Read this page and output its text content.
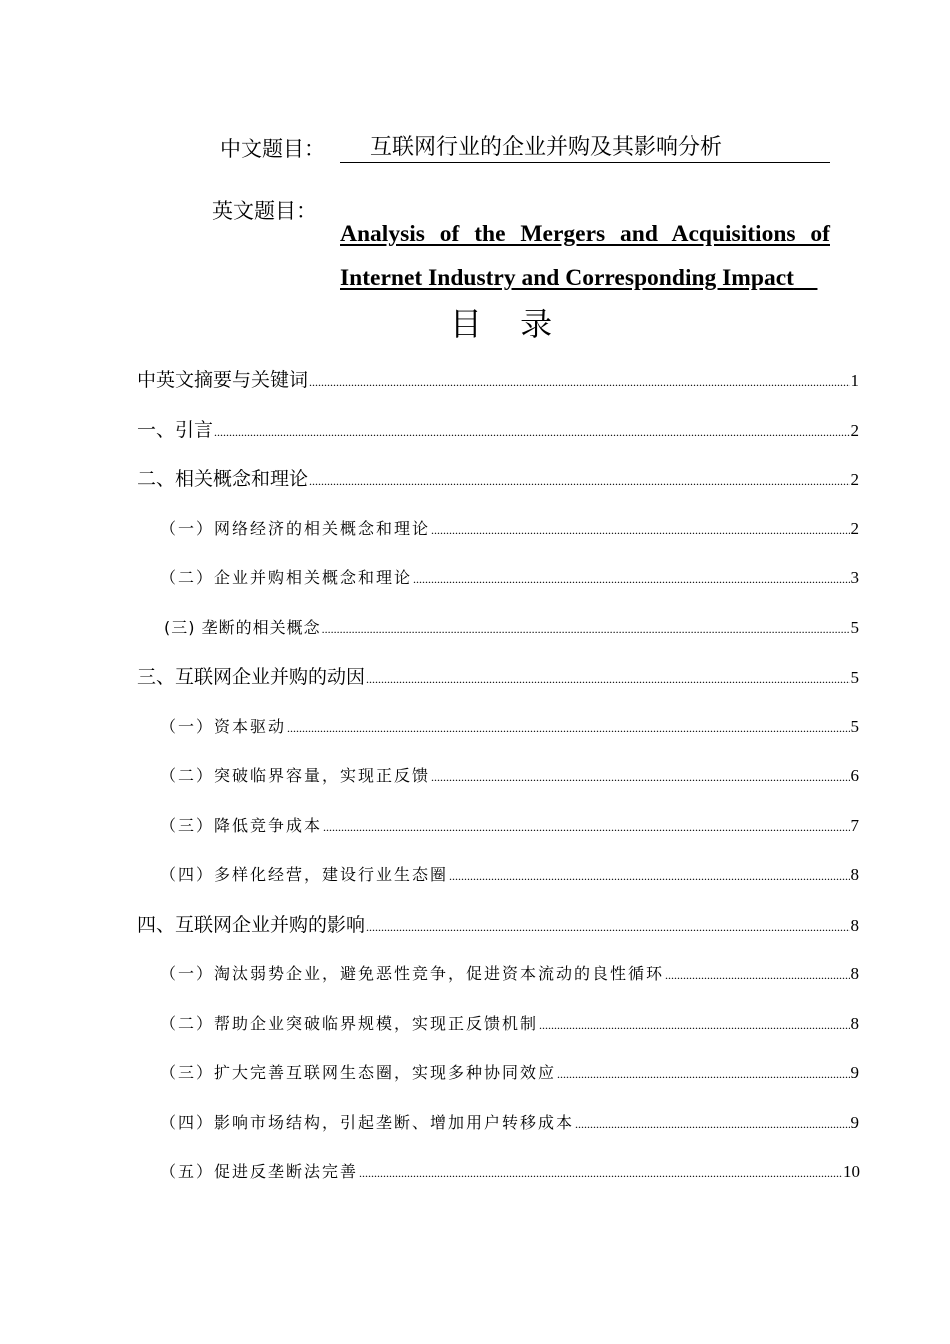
中文题目：	互联网行业的企业并购及其影响分析
英文题目：
Analysis of the Mergers and Acquisitions of
Internet Industry and Corresponding Impact
目 录
中英文摘要与关键词 .....	1
一、引言 .....	2
二、相关概念和理论 .....	2
（一）网络经济的相关概念和理论 .....	2
（二）企业并购相关概念和理论 .....	3
(三) 垄断的相关概念 .....	5
三、互联网企业并购的动因 .....	5
（一）资本驱动 .....	5
（二）突破临界容量，实现正反馈 .....	6
（三）降低竞争成本 .....	7
（四）多样化经营，建设行业生态圈 .....	8
四、互联网企业并购的影响 .....	8
（一）淘汰弱势企业，避免恶性竞争，促进资本流动的良性循环 .....	8
（二）帮助企业突破临界规模，实现正反馈机制 .....	8
（三）扩大完善互联网生态圈，实现多种协同效应 .....	9
（四）影响市场结构，引起垄断、增加用户转移成本 .....	9
（五）促进反垄断法完善 .....	10
